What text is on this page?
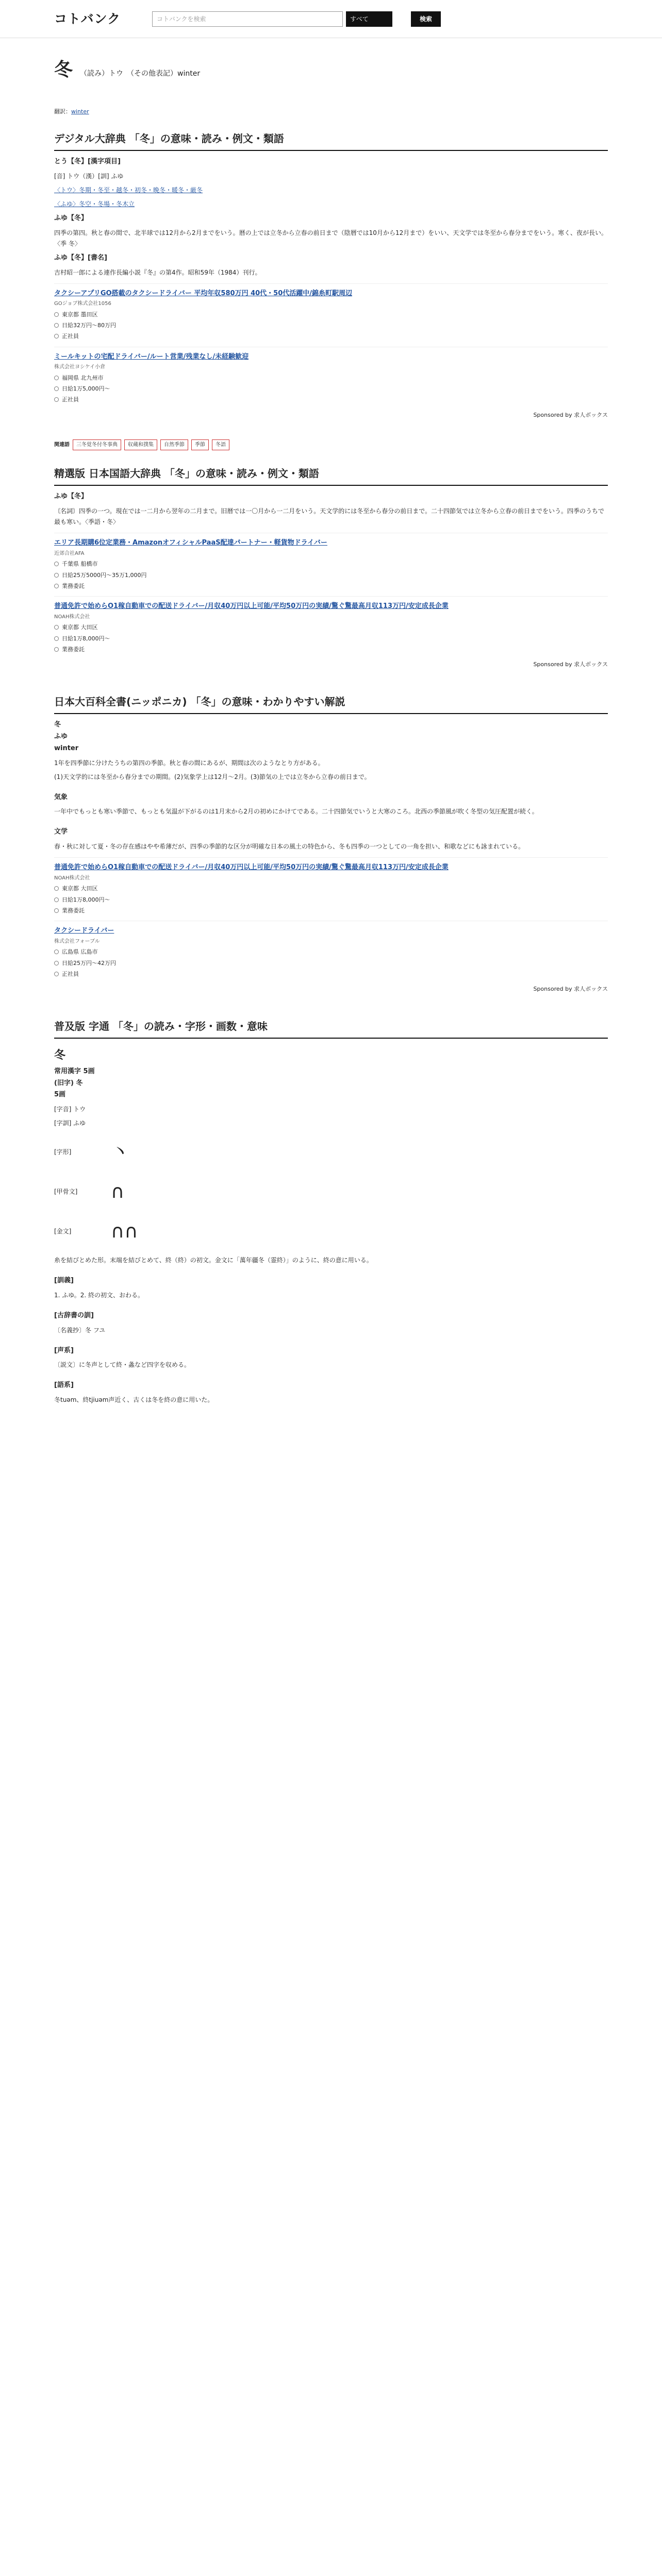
コトバンク	コトバンクを検索	すべて	検索
冬 （読み）トウ　（その他表記）winter
翻訳：winter
デジタル大辞典 「冬」の意味・読み・例文・類語
とう【冬】[漢字項目]

[音] トウ（漢）[訓] ふゆ

〈トウ〉冬期・冬至・越冬・初冬・晩冬・暖冬・厳冬

〈ふゆ〉冬空・冬場・冬木立

ふゆ【冬】

四季の第四。秋と春の間で、北半球では12月から2月までをいう。暦の上では立冬から立春の前日まで（陰暦では10月から12月まで）をいい、天文学では冬至から春分までをいう。寒く、夜が長い。〈季 冬〉

ふゆ【冬】[書名]

吉村昭一郎による連作長編小説『冬』の第4作。昭和59年（1984）刊行。

タクシーアプリGO搭載のタクシードライバー 平均年収580万円 40代・50代活躍中/錦糸町駅周辺
GOジョブ株式会社1056
東京都 墨田区
日給32万円〜80万円
正社員
ミールキットの宅配ドライバー/ルート営業/残業なし/未経験歓迎
株式会社ヨシケイ小倉
福岡県 北九州市
日給1万5,000円〜
正社員
Sponsored by 求人ボックス
関連語	三冬覚冬付冬事典	収蔵和撲集	自然季節	季節	冬語
精選版 日本国語大辞典 「冬」の意味・読み・例文・類語
ふゆ【冬】

〘名詞〙四季の一つ。現在では一二月から翌年の二月まで。旧暦では一〇月から一二月をいう。天文学的には冬至から春分の前日まで。二十四節気では立冬から立春の前日までをいう。四季のうちで最も寒い。〈季語・冬〉

エリア長期購6位定業務・AmazonオフィシャルPaaS配達パートナー・軽貨物ドライバー
近郊合社AFA
千葉県 船橋市
日給25万5000円〜35万1,000円
業務委託
普通免許で始めらO1稼自動車での配送ドライバー/月収40万円以上可能/平均50万円の実績/驚ぐ驚最高月収113万円/安定成長企業
NOAH株式会社
東京都 大田区
日給1万8,000円〜
業務委託
Sponsored by 求人ボックス
日本大百科全書(ニッポニカ) 「冬」の意味・わかりやすい解説
冬
ふゆ
winter

1年を四季節に分けたうちの第四の季節。秋と春の間にあるが、期間は次のようなとり方がある。

(1)天文学的には冬至から春分までの期間。(2)気象学上は12月〜2月。(3)節気の上では立冬から立春の前日まで。

気象

一年中でもっとも寒い季節で、もっとも気温が下がるのは1月末から2月の初めにかけてである。二十四節気でいうと大寒のころ。北西の季節風が吹く冬型の気圧配置が続く。

文学

春・秋に対して夏・冬の存在感はやや希薄だが、四季の季節的な区分が明確な日本の風土の特色から、冬も四季の一つとしての一角を担い、和歌などにも詠まれている。

普通免許で始めらO1稼自動車での配送ドライバー/月収40万円以上可能/平均50万円の実績/驚ぐ驚最高月収113万円/安定成長企業
NOAH株式会社
東京都 大田区
日給1万8,000円〜
業務委託
タクシードライバー
株式会社フォーブル
広島県 広島市
日給25万円〜42万円
正社員
Sponsored by 求人ボックス
普及版 字通 「冬」の読み・字形・画数・意味
冬
常用漢字 5画
(旧字) 冬
5画

[字音] トウ

[字訓] ふゆ

[字形]	⼂
[甲骨文]	∩
[金文]	∩∩

糸を結びとめた形。末端を結びとめて、終（終）の初文。金文に「萬年疆冬（霊終）」のように、終の意に用いる。

[訓義]

1. ふゆ。2. 終の初文、おわる。

[古辞書の訓]

〔名義抄〕冬 フユ

[声系]

〔説文〕に冬声として終・螽など四字を収める。

[語系]

冬tuəm、終tjiuəm声近く、古くは冬を終の意に用いた。
